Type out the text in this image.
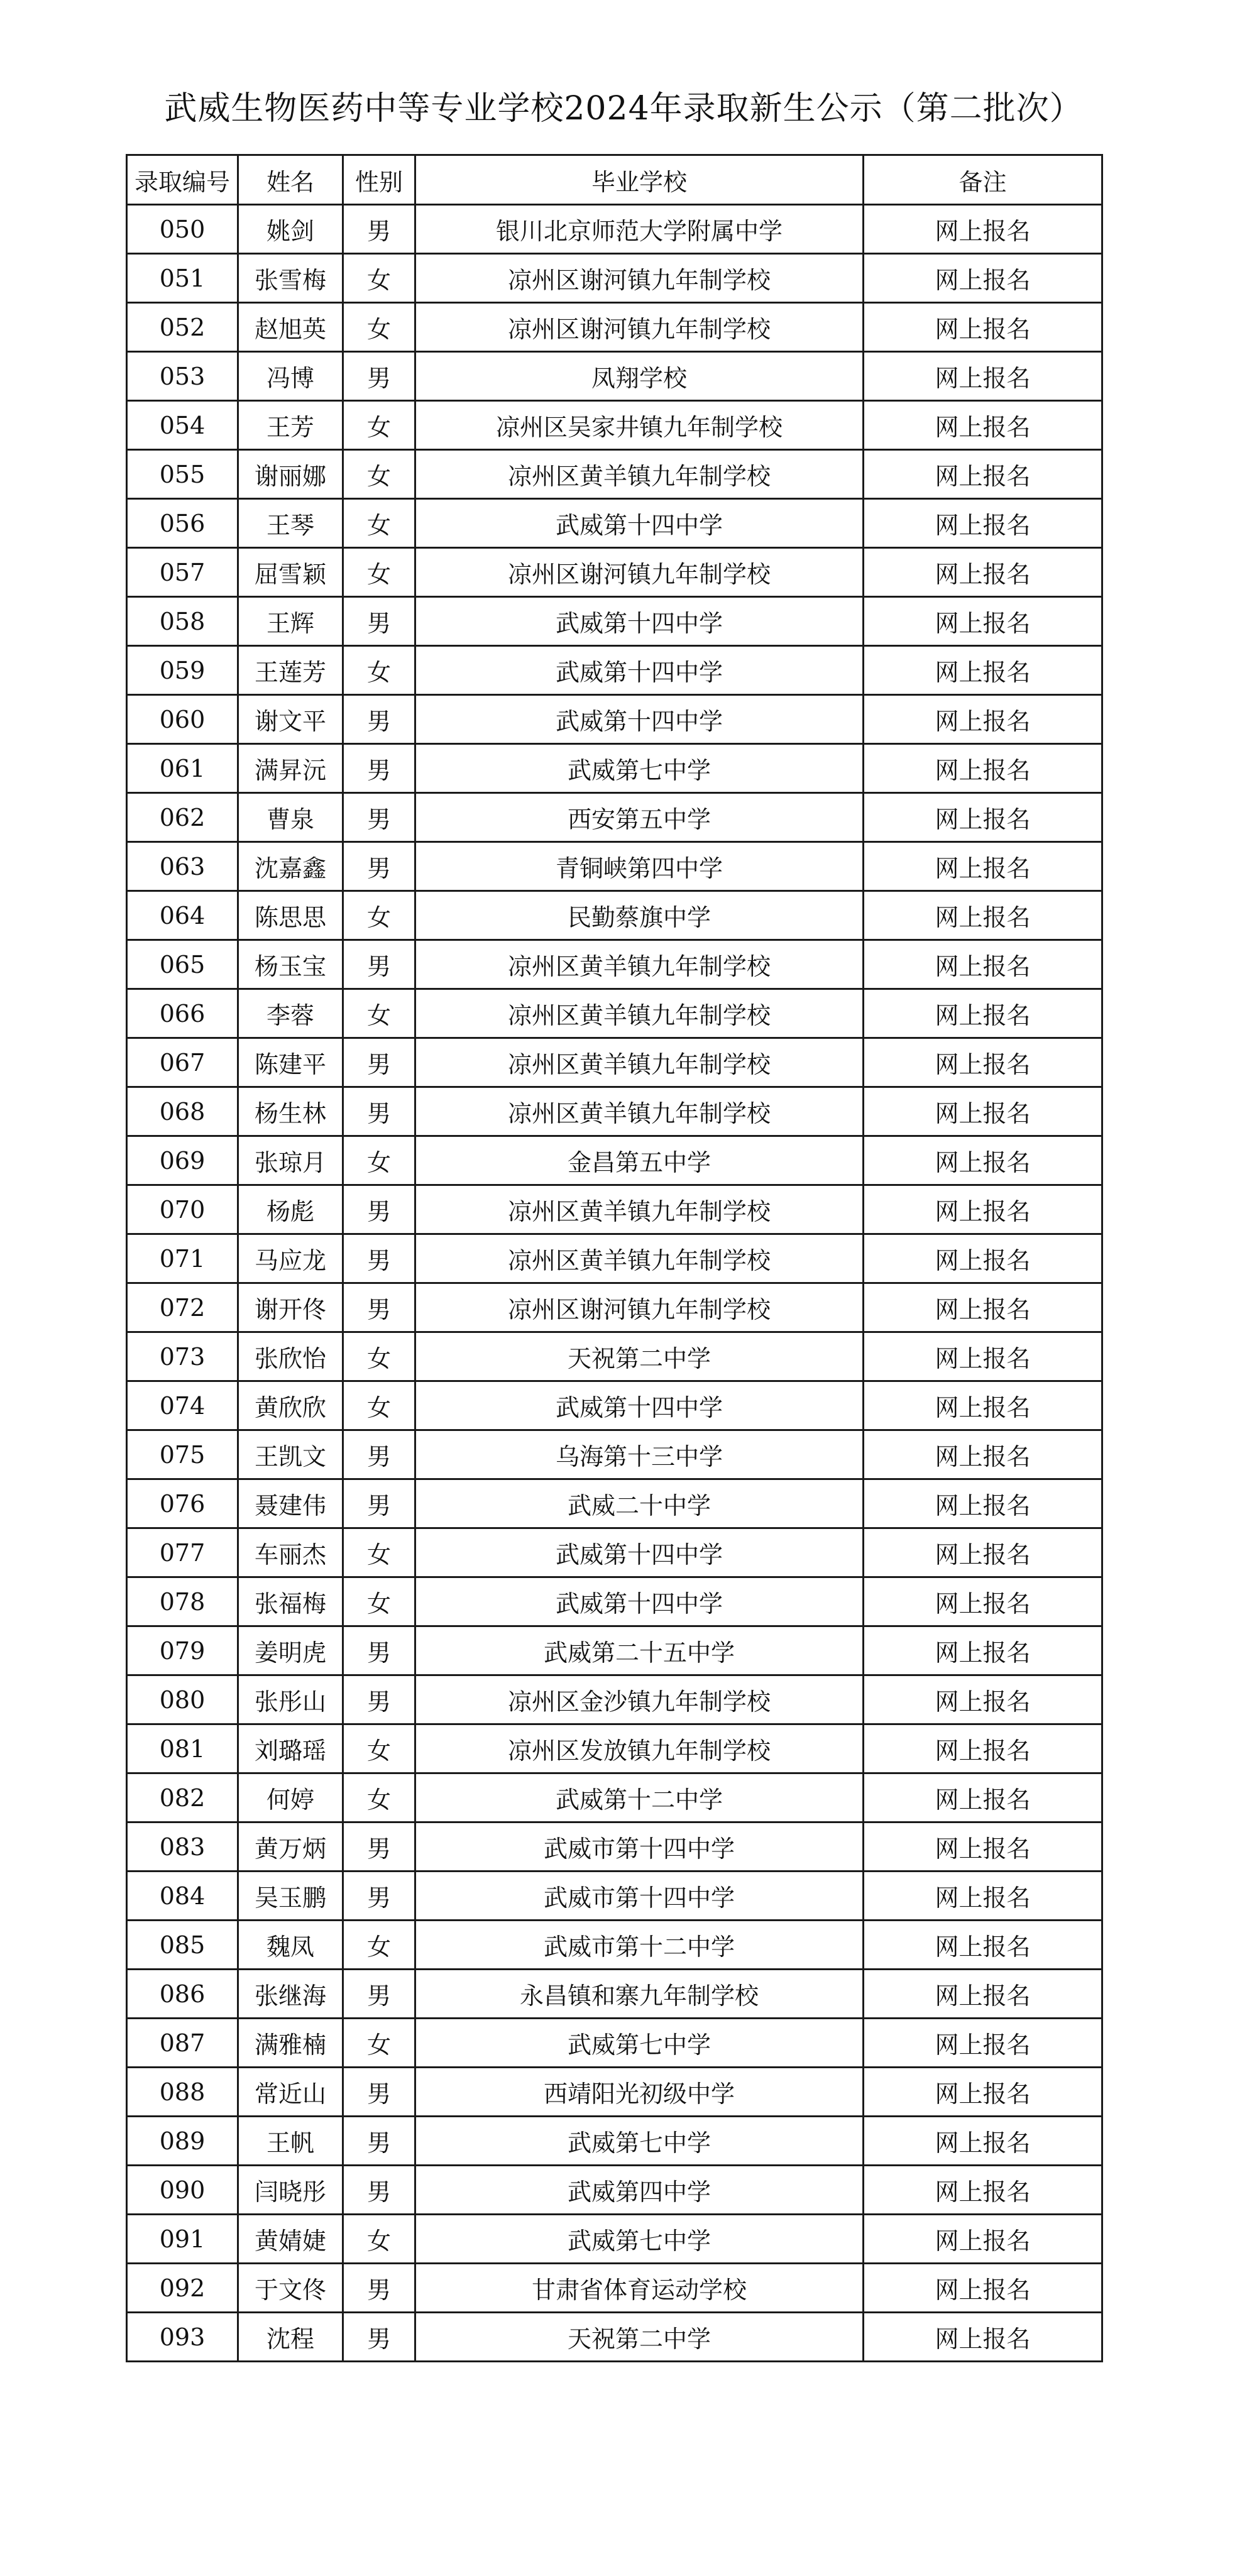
武威生物医药中等专业学校2024年录取新生公示（第二批次）
录取编号	姓名	性别	毕业学校	备注
050	姚剑	男	银川北京师范大学附属中学	网上报名
051	张雪梅	女	凉州区谢河镇九年制学校	网上报名
052	赵旭英	女	凉州区谢河镇九年制学校	网上报名
053	冯博	男	凤翔学校	网上报名
054	王芳	女	凉州区吴家井镇九年制学校	网上报名
055	谢丽娜	女	凉州区黄羊镇九年制学校	网上报名
056	王琴	女	武威第十四中学	网上报名
057	屈雪颖	女	凉州区谢河镇九年制学校	网上报名
058	王辉	男	武威第十四中学	网上报名
059	王莲芳	女	武威第十四中学	网上报名
060	谢文平	男	武威第十四中学	网上报名
061	满昇沅	男	武威第七中学	网上报名
062	曹泉	男	西安第五中学	网上报名
063	沈嘉鑫	男	青铜峡第四中学	网上报名
064	陈思思	女	民勤蔡旗中学	网上报名
065	杨玉宝	男	凉州区黄羊镇九年制学校	网上报名
066	李蓉	女	凉州区黄羊镇九年制学校	网上报名
067	陈建平	男	凉州区黄羊镇九年制学校	网上报名
068	杨生林	男	凉州区黄羊镇九年制学校	网上报名
069	张琼月	女	金昌第五中学	网上报名
070	杨彪	男	凉州区黄羊镇九年制学校	网上报名
071	马应龙	男	凉州区黄羊镇九年制学校	网上报名
072	谢开佟	男	凉州区谢河镇九年制学校	网上报名
073	张欣怡	女	天祝第二中学	网上报名
074	黄欣欣	女	武威第十四中学	网上报名
075	王凯文	男	乌海第十三中学	网上报名
076	聂建伟	男	武威二十中学	网上报名
077	车丽杰	女	武威第十四中学	网上报名
078	张福梅	女	武威第十四中学	网上报名
079	姜明虎	男	武威第二十五中学	网上报名
080	张彤山	男	凉州区金沙镇九年制学校	网上报名
081	刘璐瑶	女	凉州区发放镇九年制学校	网上报名
082	何婷	女	武威第十二中学	网上报名
083	黄万炳	男	武威市第十四中学	网上报名
084	吴玉鹏	男	武威市第十四中学	网上报名
085	魏凤	女	武威市第十二中学	网上报名
086	张继海	男	永昌镇和寨九年制学校	网上报名
087	满雅楠	女	武威第七中学	网上报名
088	常近山	男	西靖阳光初级中学	网上报名
089	王帆	男	武威第七中学	网上报名
090	闫晓彤	男	武威第四中学	网上报名
091	黄婧婕	女	武威第七中学	网上报名
092	于文佟	男	甘肃省体育运动学校	网上报名
093	沈程	男	天祝第二中学	网上报名
